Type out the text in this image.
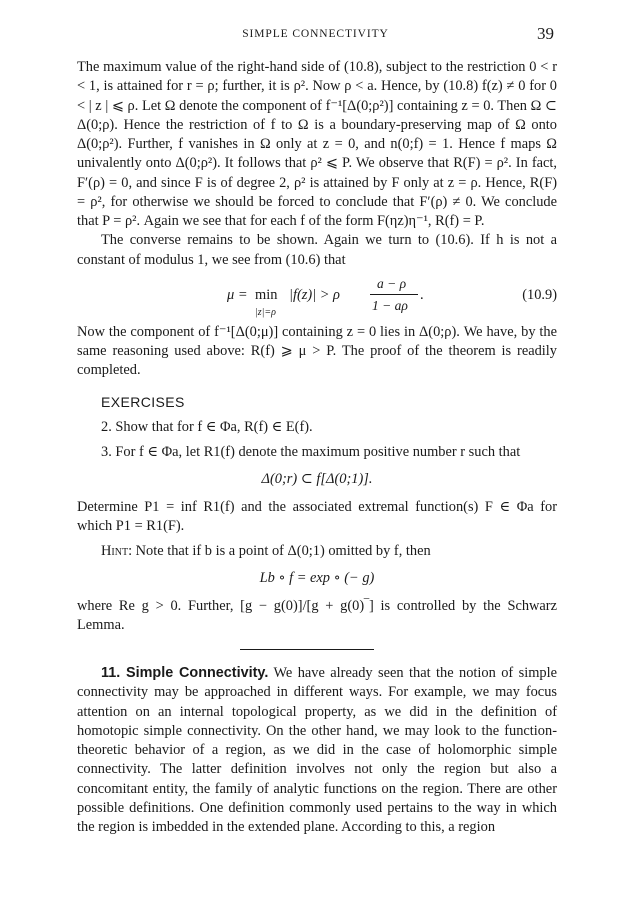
SIMPLE CONNECTIVITY	39

The maximum value of the right-hand side of (10.8), subject to the restriction 0 < r < 1, is attained for r = ρ; further, it is ρ². Now ρ < a. Hence, by (10.8) f(z) ≠ 0 for 0 < | z | ⩽ ρ. Let Ω denote the component of f⁻¹[Δ(0;ρ²)] containing z = 0. Then Ω ⊂ Δ(0;ρ). Hence the restriction of f to Ω is a boundary-preserving map of Ω onto Δ(0;ρ²). Further, f vanishes in Ω only at z = 0, and n(0;f) = 1. Hence f maps Ω univalently onto Δ(0;ρ²). It follows that ρ² ⩽ P. We observe that R(F) = ρ². In fact, F′(ρ) = 0, and since F is of degree 2, ρ² is attained by F only at z = ρ. Hence, R(F) = ρ², for otherwise we should be forced to conclude that F′(ρ) ≠ 0. We conclude that P = ρ². Again we see that for each f of the form F(ηz)η⁻¹, R(f) = P.

The converse remains to be shown. Again we turn to (10.6). If h is not a constant of modulus 1, we see from (10.6) that

μ = min
|z|=ρ
|f(z)| > ρ
a − ρ
1 − aρ
.	(10.9)

Now the component of f⁻¹[Δ(0;μ)] containing z = 0 lies in Δ(0;ρ). We have, by the same reasoning used above: R(f) ⩾ μ > P. The proof of the theorem is readily completed.

EXERCISES

2. Show that for f ∈ Φa, R(f) ∈ E(f).

3. For f ∈ Φa, let R1(f) denote the maximum positive number r such that

Δ(0;r) ⊂ f[Δ(0;1)].

Determine P1 = inf R1(f) and the associated extremal function(s) F ∈ Φa for which P1 = R1(F).

Hint: Note that if b is a point of Δ(0;1) omitted by f, then

Lb ∘ f = exp ∘ (− g)

where Re g > 0. Further, [g − g(0)]/[g + g(0)‾] is controlled by the Schwarz Lemma.

11. Simple Connectivity. We have already seen that the notion of simple connectivity may be approached in different ways. For example, we may focus attention on an internal topological property, as we did in the definition of homotopic simple connectivity. On the other hand, we may look to the function-theoretic behavior of a region, as we did in the case of holomorphic simple connectivity. The latter definition involves not only the region but also a concomitant entity, the family of analytic functions on the region. There are other possible definitions. One definition commonly used pertains to the way in which the region is imbedded in the extended plane. According to this, a region
